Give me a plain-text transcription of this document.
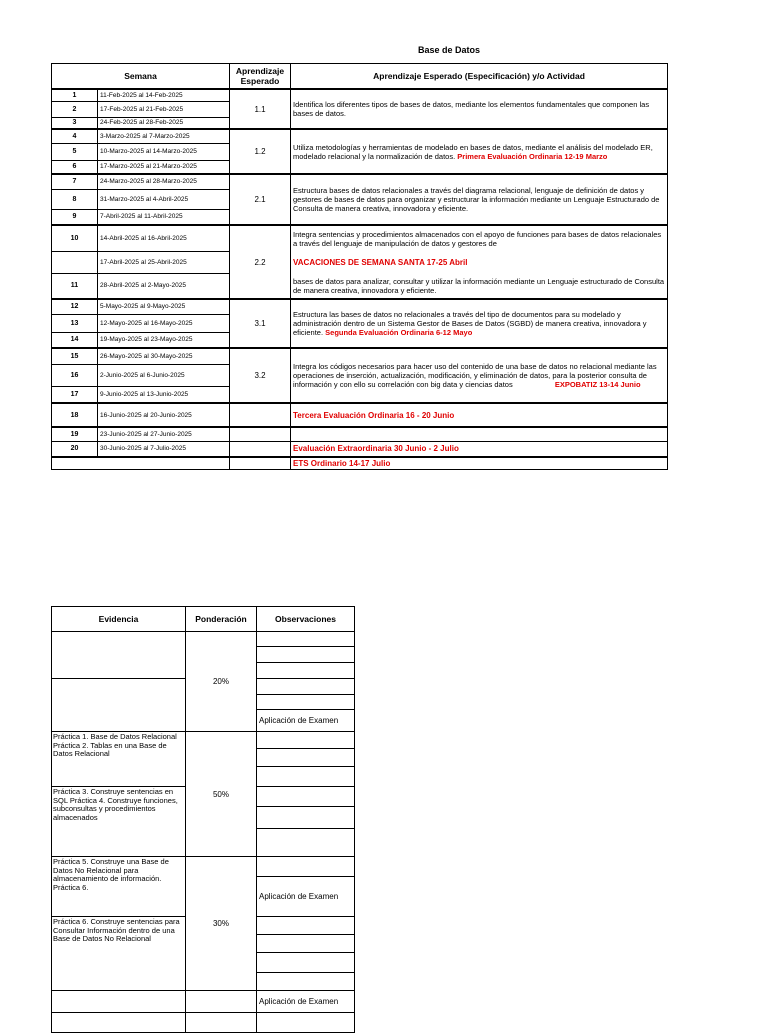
Base de Datos
Semana		Aprendizaje Esperado	Aprendizaje Esperado (Especificación) y/o Actividad
1	11-Feb-2025 al 14-Feb-2025	1.1	Identifica los diferentes tipos de bases de datos, mediante los elementos fundamentales que componen las bases de datos.
2	17-Feb-2025 al 21-Feb-2025		
3	24-Feb-2025 al 28-Feb-2025		
4	3-Marzo-2025 al 7-Marzo-2025	1.2	Utiliza metodologías y herramientas de modelado en bases de datos, mediante el análisis del modelado ER, modelado relacional y la normalización de datos. Primera Evaluación Ordinaria 12-19 Marzo
5	10-Marzo-2025 al 14-Marzo-2025		
6	17-Marzo-2025 al 21-Marzo-2025		
7	24-Marzo-2025 al 28-Marzo-2025	2.1	Estructura bases de datos relacionales a través del diagrama relacional, lenguaje de definición de datos y gestores de bases de datos para organizar y estructurar la información mediante un Lenguaje Estructurado de Consulta de manera creativa, innovadora y eficiente.
8	31-Marzo-2025 al 4-Abril-2025		
9	7-Abril-2025 al 11-Abril-2025		
10	14-Abril-2025 al 16-Abril-2025	2.2	Integra sentencias y procedimientos almacenados con el apoyo de funciones para bases de datos relacionales a través del lenguaje de manipulación de datos y gestores de
	17-Abril-2025 al 25-Abril-2025		VACACIONES DE SEMANA SANTA 17-25 Abril
11	28-Abril-2025 al 2-Mayo-2025		bases de datos para analizar, consultar y utilizar la información mediante un Lenguaje estructurado de Consulta de manera creativa, innovadora y eficiente.
12	5-Mayo-2025 al 9-Mayo-2025	3.1	Estructura las bases de datos no relacionales a través del tipo de documentos para su modelado y administración dentro de un Sistema Gestor de Bases de Datos (SGBD) de manera creativa, innovadora y eficiente. Segunda Evaluación Ordinaria 6-12 Mayo
13	12-Mayo-2025 al 16-Mayo-2025		
14	19-Mayo-2025 al 23-Mayo-2025		
15	26-Mayo-2025 al 30-Mayo-2025	3.2	Integra los códigos necesarios para hacer uso del contenido de una base de datos no relacional mediante las operaciones de inserción, actualización, modificación, y eliminación de datos, para la posterior consulta de información y con ello su correlación con big data y ciencias datos EXPOBATIZ 13-14 Junio
16	2-Junio-2025 al 6-Junio-2025		
17	9-Junio-2025 al 13-Junio-2025		
18	16-Junio-2025 al 20-Junio-2025		Tercera Evaluación Ordinaria 16 - 20 Junio
19	23-Junio-2025 al 27-Junio-2025		
20	30-Junio-2025 al 7-Julio-2025		Evaluación Extraordinaria 30 Junio - 2 Julio
			ETS Ordinario 14-17 Julio
Evidencia	Ponderación	Observaciones
	20%	

		Aplicación de Examen
Práctica 1. Base de Datos Relacional Práctica 2. Tablas en una Base de Datos Relacional	50%	

Práctica 3. Construye sentencias en SQL Práctica 4. Construye funciones, subconsultas y procedimientos almacenados		

Práctica 5. Construye una Base de Datos No Relacional para almacenamiento de información. Práctica 6.	30%	
		Aplicación de Examen
Práctica 6. Construye sentencias para Consultar Información dentro de una Base de Datos No Relacional		

		Aplicación de Examen
